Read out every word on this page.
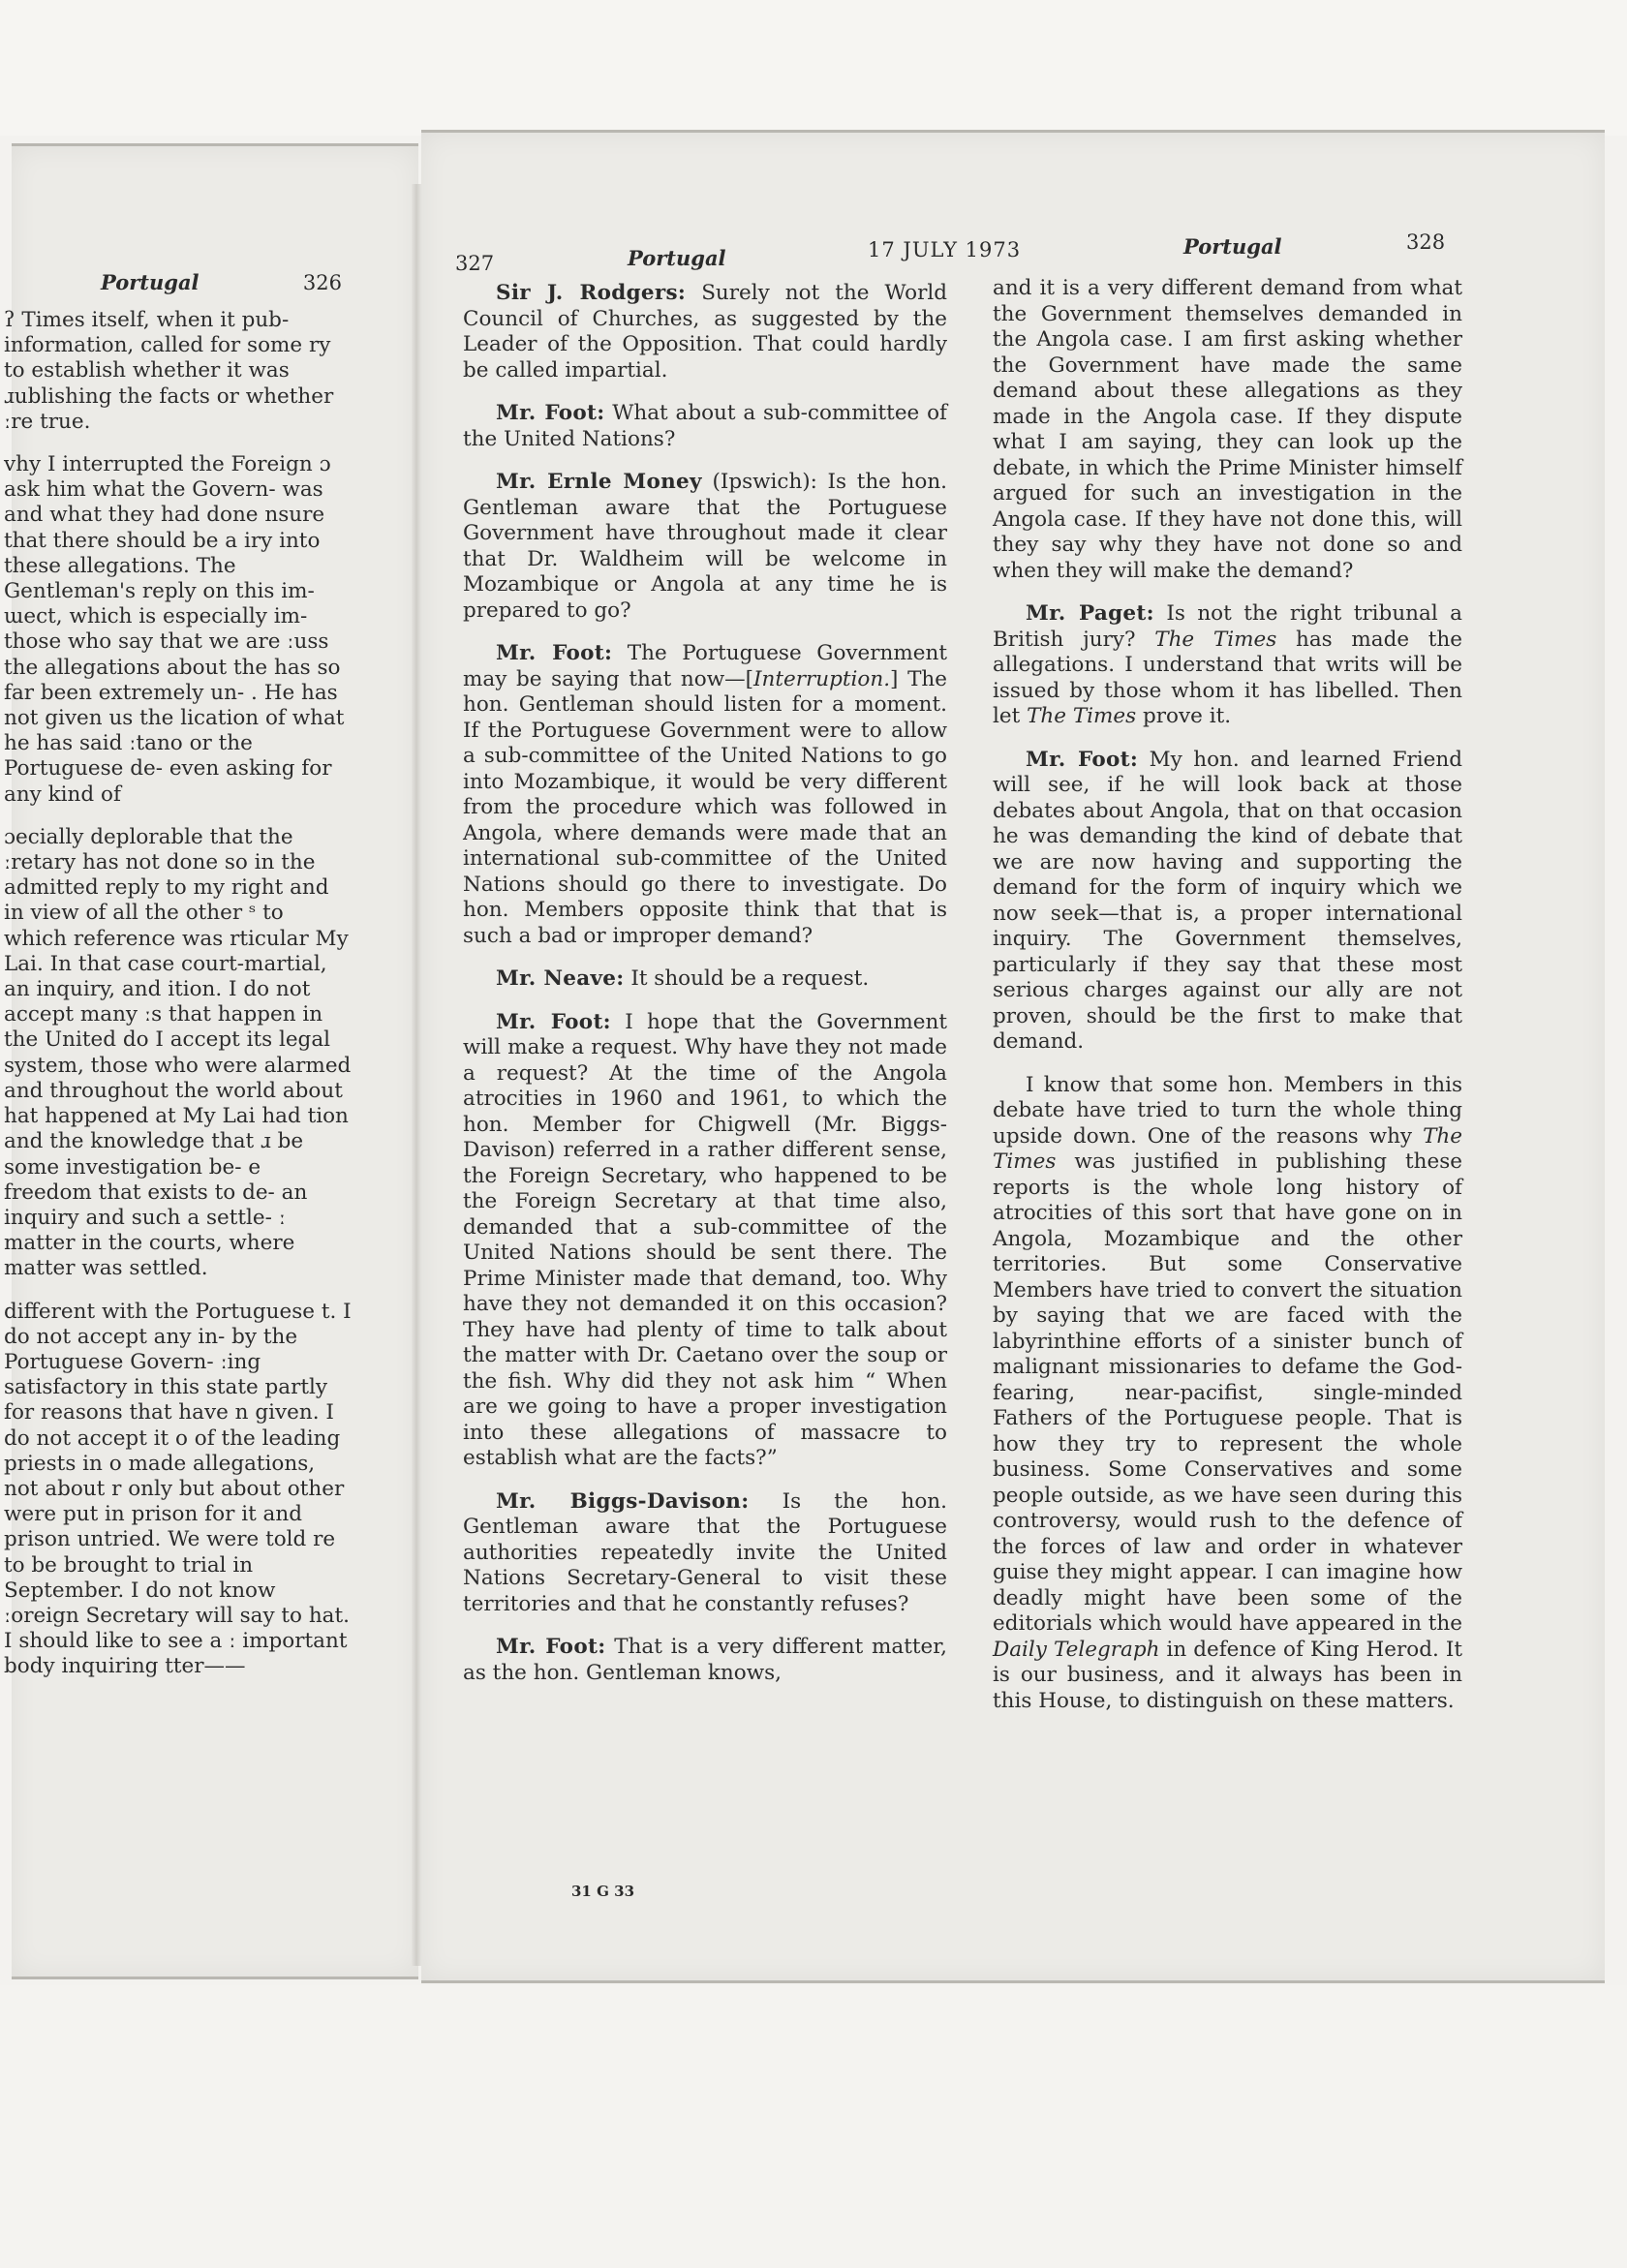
Portugal	326

ʔ Times itself, when it pub- information, called for some ry to establish whether it was ɹublishing the facts or whether ːre true.

vhy I interrupted the Foreign ɔ ask him what the Govern- was and what they had done nsure that there should be a iry into these allegations. The Gentleman's reply on this im- ɯect, which is especially im- those who say that we are ːuss the allegations about the has so far been extremely un- . He has not given us the lication of what he has said ːtano or the Portuguese de- even asking for any kind of

ɔecially deplorable that the ːretary has not done so in the admitted reply to my right and in view of all the other ˢ to which reference was rticular My Lai. In that case court-martial, an inquiry, and ition. I do not accept many ːs that happen in the United do I accept its legal system, those who were alarmed and throughout the world about hat happened at My Lai had tion and the knowledge that ɹ be some investigation be- e freedom that exists to de- an inquiry and such a settle- ː matter in the courts, where matter was settled.

different with the Portuguese t. I do not accept any in- by the Portuguese Govern- ːing satisfactory in this state partly for reasons that have n given. I do not accept it o of the leading priests in o made allegations, not about r only but about other were put in prison for it and prison untried. We were told re to be brought to trial in September. I do not know ːoreign Secretary will say to hat. I should like to see a ː important body inquiring tter——

327	Portugal	17 JULY 1973	Portugal	328

Sir J. Rodgers: Surely not the World Council of Churches, as suggested by the Leader of the Opposition. That could hardly be called impartial.

Mr. Foot: What about a sub-committee of the United Nations?

Mr. Ernle Money (Ipswich): Is the hon. Gentleman aware that the Portuguese Government have throughout made it clear that Dr. Waldheim will be welcome in Mozambique or Angola at any time he is prepared to go?

Mr. Foot: The Portuguese Government may be saying that now—[Interruption.] The hon. Gentleman should listen for a moment. If the Portuguese Government were to allow a sub-committee of the United Nations to go into Mozambique, it would be very different from the procedure which was followed in Angola, where demands were made that an international sub-committee of the United Nations should go there to investigate. Do hon. Members opposite think that that is such a bad or improper demand?

Mr. Neave: It should be a request.

Mr. Foot: I hope that the Government will make a request. Why have they not made a request? At the time of the Angola atrocities in 1960 and 1961, to which the hon. Member for Chigwell (Mr. Biggs-Davison) referred in a rather different sense, the Foreign Secretary, who happened to be the Foreign Secretary at that time also, demanded that a sub-committee of the United Nations should be sent there. The Prime Minister made that demand, too. Why have they not demanded it on this occasion? They have had plenty of time to talk about the matter with Dr. Caetano over the soup or the fish. Why did they not ask him “ When are we going to have a proper investigation into these allegations of massacre to establish what are the facts?”

Mr. Biggs-Davison: Is the hon. Gentleman aware that the Portuguese authorities repeatedly invite the United Nations Secretary-General to visit these territories and that he constantly refuses?

Mr. Foot: That is a very different matter, as the hon. Gentleman knows,

and it is a very different demand from what the Government themselves demanded in the Angola case. I am first asking whether the Government have made the same demand about these allegations as they made in the Angola case. If they dispute what I am saying, they can look up the debate, in which the Prime Minister himself argued for such an investigation in the Angola case. If they have not done this, will they say why they have not done so and when they will make the demand?

Mr. Paget: Is not the right tribunal a British jury? The Times has made the allegations. I understand that writs will be issued by those whom it has libelled. Then let The Times prove it.

Mr. Foot: My hon. and learned Friend will see, if he will look back at those debates about Angola, that on that occasion he was demanding the kind of debate that we are now having and supporting the demand for the form of inquiry which we now seek—that is, a proper international inquiry. The Government themselves, particularly if they say that these most serious charges against our ally are not proven, should be the first to make that demand.

I know that some hon. Members in this debate have tried to turn the whole thing upside down. One of the reasons why The Times was justified in publishing these reports is the whole long history of atrocities of this sort that have gone on in Angola, Mozambique and the other territories. But some Conservative Members have tried to convert the situation by saying that we are faced with the labyrinthine efforts of a sinister bunch of malignant missionaries to defame the God-fearing, near-pacifist, single-minded Fathers of the Portuguese people. That is how they try to represent the whole business. Some Conservatives and some people outside, as we have seen during this controversy, would rush to the defence of the forces of law and order in whatever guise they might appear. I can imagine how deadly might have been some of the editorials which would have appeared in the Daily Telegraph in defence of King Herod. It is our business, and it always has been in this House, to distinguish on these matters.

31 G 33
